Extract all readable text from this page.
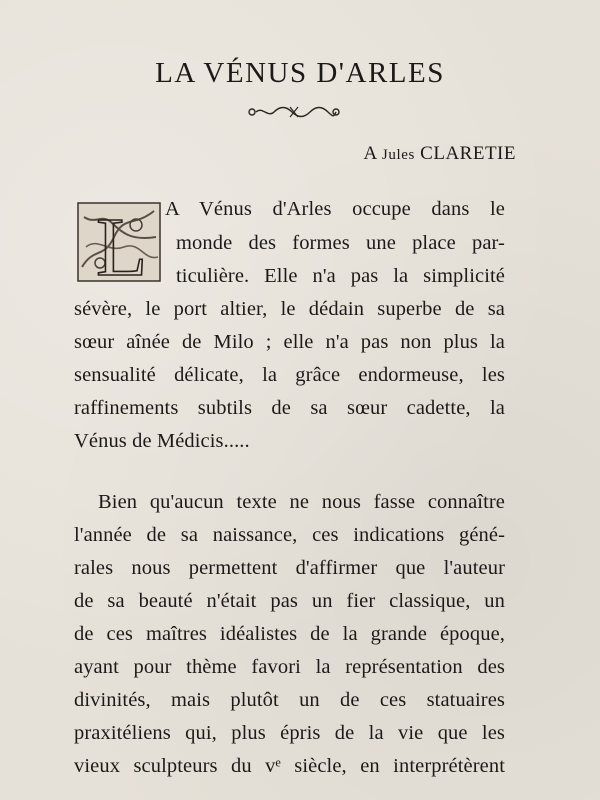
LA VÉNUS D'ARLES
A Jules CLARETIE
L A Vénus d'Arles occupe dans le
monde des formes une place par-
ticulière. Elle n'a pas la simplicité
sévère, le port altier, le dédain superbe de sa
sœur aînée de Milo ; elle n'a pas non plus la
sensualité délicate, la grâce endormeuse, les
raffinements subtils de sa sœur cadette, la
Vénus de Médicis.....
Bien qu'aucun texte ne nous fasse connaître
l'année de sa naissance, ces indications géné-
rales nous permettent d'affirmer que l'auteur
de sa beauté n'était pas un fier classique, un
de ces maîtres idéalistes de la grande époque,
ayant pour thème favori la représentation des
divinités, mais plutôt un de ces statuaires
praxitéliens qui, plus épris de la vie que les
vieux sculpteurs du vᵉ siècle, en interprétèrent
